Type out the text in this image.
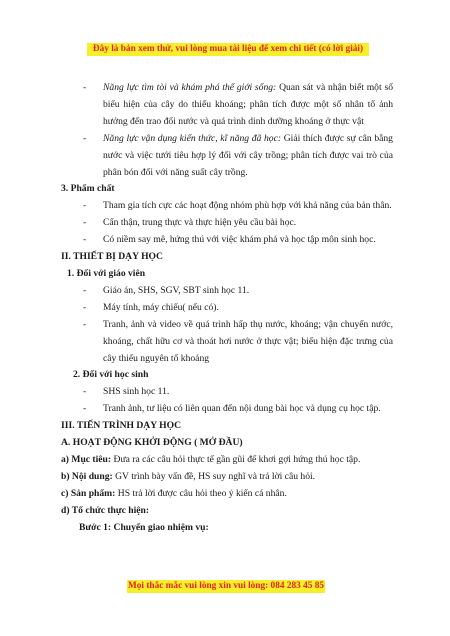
Đây là bản xem thử, vui lòng mua tài liệu để xem chi tiết (có lời giải)
- Năng lực tìm tòi và khám phá thế giới sống: Quan sát và nhận biết một số biểu hiện của cây do thiếu khoáng; phân tích được một số nhân tố ảnh hưởng đến trao đổi nước và quá trình dinh dưỡng khoáng ở thực vật
- Năng lực vận dụng kiến thức, kĩ năng đã học: Giải thích được sự cân bằng nước và việc tưới tiêu hợp lý đối với cây trồng; phân tích được vai trò của phân bón đối với năng suất cây trồng.
3. Phẩm chất
- Tham gia tích cực các hoạt động nhóm phù hợp với khả năng của bản thân.
- Cẩn thận, trung thực và thực hiện yêu cầu bài học.
- Có niềm say mê, hứng thú với việc khám phá và học tập môn sinh học.
II. THIẾT BỊ DẠY HỌC
1. Đối với giáo viên
- Giáo án, SHS, SGV, SBT sinh học 11.
- Máy tính, máy chiếu( nếu có).
- Tranh, ảnh và video về quá trình hấp thụ nước, khoáng; vận chuyển nước, khoáng, chất hữu cơ và thoát hơi nước ở thực vật; biểu hiện đặc trưng của cây thiếu nguyên tố khoáng
2. Đối với học sinh
- SHS sinh học 11.
- Tranh ảnh, tư liệu có liên quan đến nội dung bài học và dụng cụ học tập.
III. TIẾN TRÌNH DẠY HỌC
A. HOẠT ĐỘNG KHỞI ĐỘNG ( MỞ ĐẦU)
a) Mục tiêu: Đưa ra các câu hỏi thực tế gần gũi để khơi gợi hứng thú học tập.
b) Nội dung: GV trình bày vấn đề, HS suy nghĩ và trả lời câu hỏi.
c) Sản phẩm: HS trả lời được câu hỏi theo ý kiến cá nhân.
d) Tổ chức thực hiện:
Bước 1: Chuyển giao nhiệm vụ:
Mọi thắc mắc vui lòng xin vui lòng: 084 283 45 85
